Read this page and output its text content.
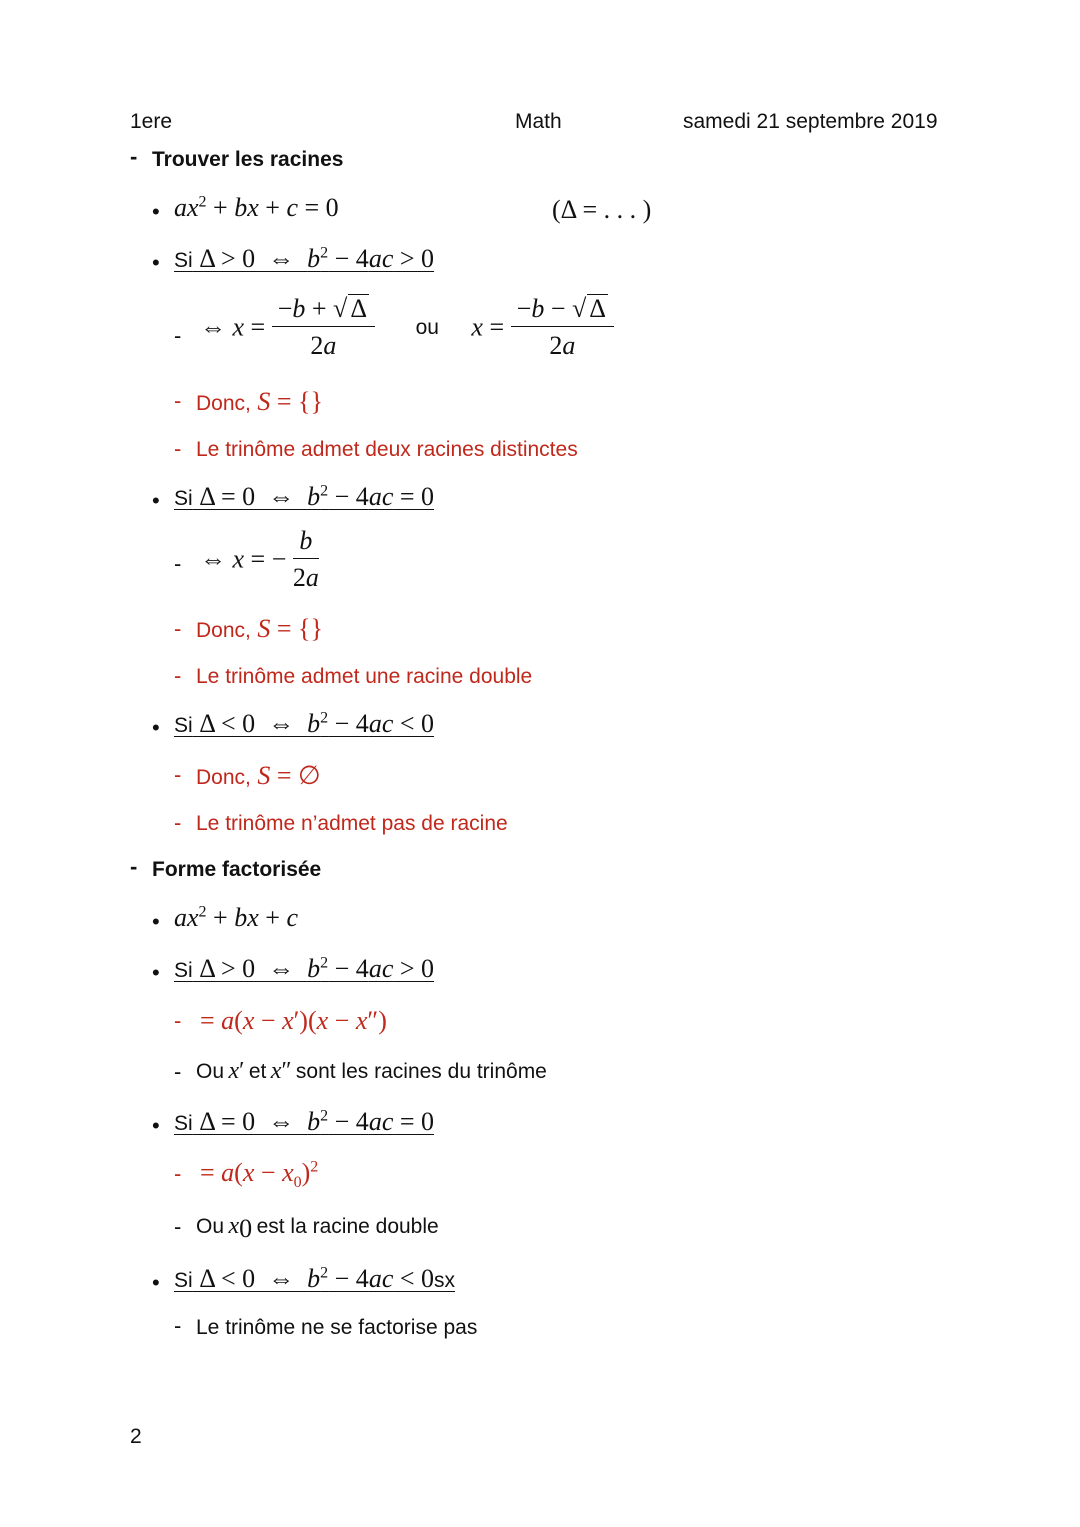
1ere	Math	samedi 21 septembre 2019
- Trouver les racines
• $ax^2$ + bx + c = 0	(Δ = . . . )
• Si Δ > 0  ⇔  $b^2 - 4ac > 0$
- ⇔ $x = \frac{-b + √ \Delta}{2a}$ ou $x = \frac{-b - √ \Delta}{2a}$
- Donc, S = {}
- Le trinôme admet deux racines distinctes
• Si Δ = 0  ⇔  $b^2 - 4ac = 0$
- ⇔ x = − $\frac{b}{2a}$
- Donc, S = {}
- Le trinôme admet une racine double
• Si Δ < 0  ⇔  $b^2 - 4ac < 0$
- Donc, S = ∅
- Le trinôme n’admet pas de racine
- Forme factorisée
• $ax^2$ + bx + c
• Si Δ > 0  ⇔  $b^2 - 4ac > 0$
- = a(x − x′)(x − x″)
- Ou x′ et x″ sont les racines du trinôme
• Si Δ = 0  ⇔  $b^2 - 4ac = 0$
- = $a(x - x_0)^2$
- Ou $x_0$ est la racine double
• Si Δ < 0  ⇔  $b^2 - 4ac < 0sx$
- Le trinôme ne se factorise pas
2
